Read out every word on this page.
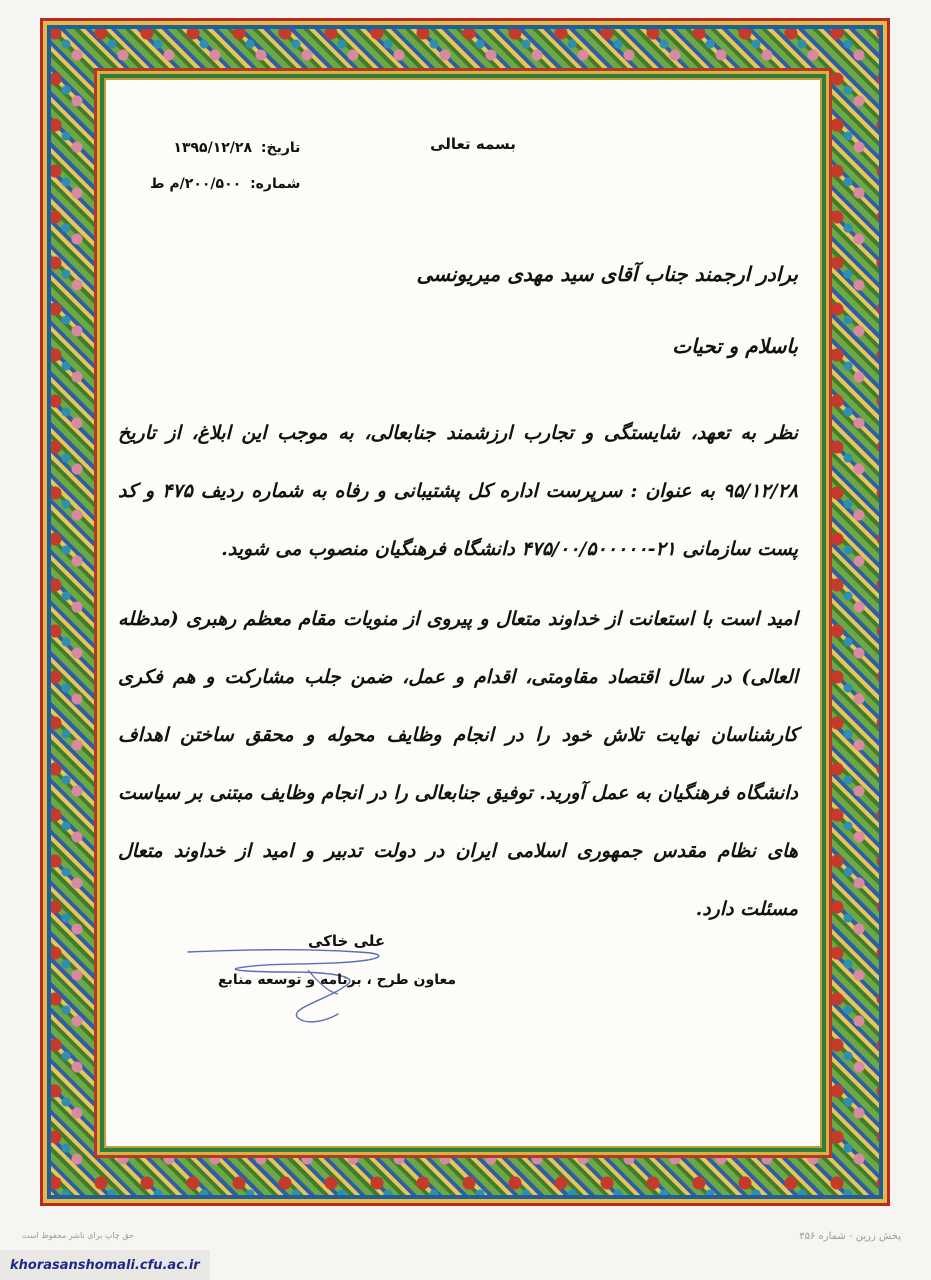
بسمه تعالی
تاریخ: ۱۳۹۵/۱۲/۲۸
شماره: ۲۰۰/۵۰۰/م ط
برادر ارجمند جناب آقای سید مهدی میریونسی
باسلام و تحیات
نظر به تعهد، شایستگی و تجارب ارزشمند جنابعالی، به موجب این ابلاغ، از تاریخ ۹۵/۱۲/۲۸ به عنوان : سرپرست اداره کل پشتیبانی و رفاه به شماره ردیف ۴۷۵ و کد پست سازمانی ۲۱-۴۷۵/۰۰/۵۰۰۰۰۰ دانشگاه فرهنگیان منصوب می شوید.
امید است با استعانت از خداوند متعال و پیروی از منویات مقام معظم رهبری (مدظله العالی) در سال اقتصاد مقاومتی، اقدام و عمل، ضمن جلب مشارکت و هم فکری کارشناسان نهایت تلاش خود را در انجام وظایف محوله و محقق ساختن اهداف دانشگاه فرهنگیان به عمل آورید. توفیق جنابعالی را در انجام وظایف مبتنی بر سیاست های نظام مقدس جمهوری اسلامی ایران در دولت تدبیر و امید از خداوند متعال مسئلت دارد.
علی خاکی
معاون طرح ، برنامه و توسعه منابع
حق چاپ برای ناشر محفوظ است	پخش زرین - شماره ۳۵۶
khorasanshomali.cfu.ac.ir
